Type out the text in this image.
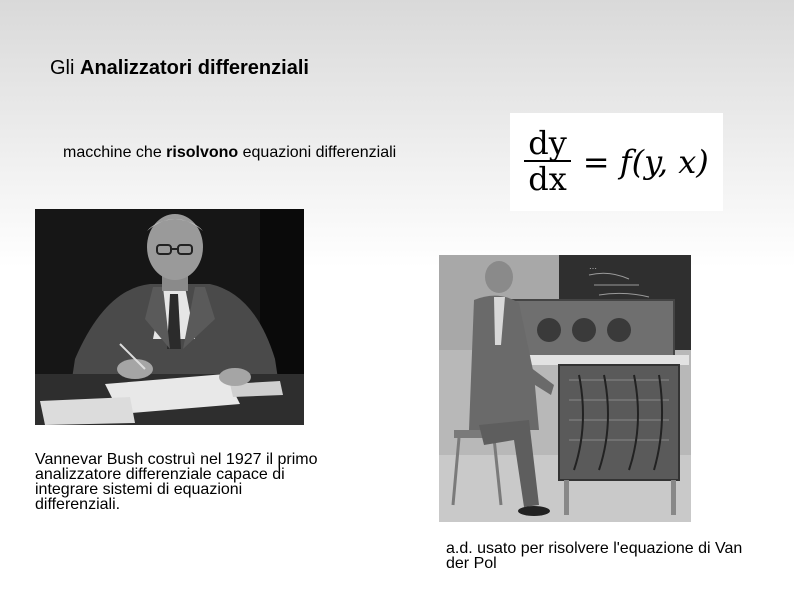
Gli Analizzatori differenziali
macchine che risolvono equazioni differenziali	$\frac{dy}{dx} = f(y$, x)
…
Vannevar Bush costruì nel 1927 il primo analizzatore differenziale capace di integrare sistemi di equazioni differenziali.
a.d. usato per risolvere l'equazione di Van der Pol
